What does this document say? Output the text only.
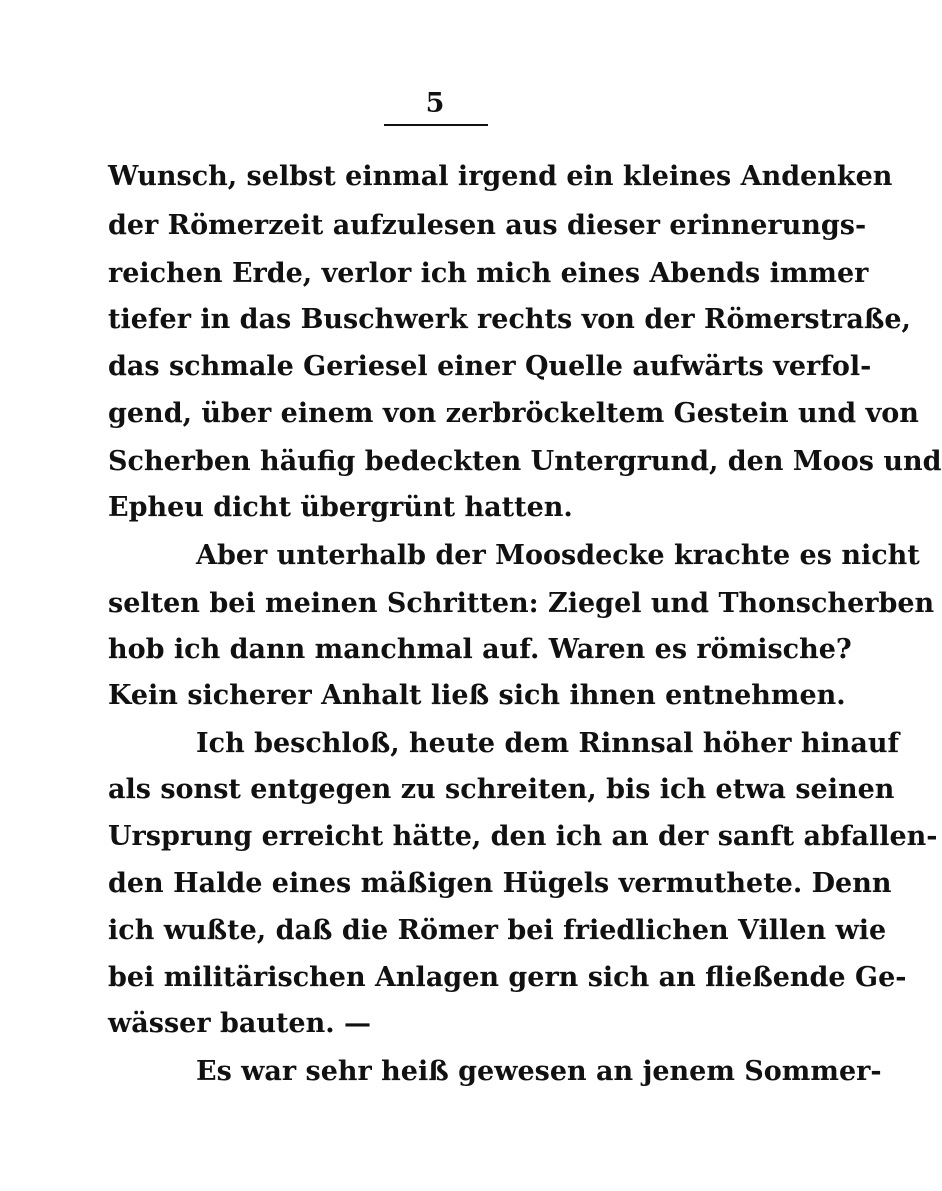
5
Wunsch, selbst einmal irgend ein kleines Andenken
der Römerzeit aufzulesen aus dieser erinnerungs-
reichen Erde, verlor ich mich eines Abends immer
tiefer in das Buschwerk rechts von der Römerstraße,
das schmale Geriesel einer Quelle aufwärts verfol-
gend, über einem von zerbröckeltem Gestein und von
Scherben häufig bedeckten Untergrund, den Moos und
Epheu dicht übergrünt hatten.
Aber unterhalb der Moosdecke krachte es nicht
selten bei meinen Schritten: Ziegel und Thonscherben
hob ich dann manchmal auf. Waren es römische?
Kein sicherer Anhalt ließ sich ihnen entnehmen.
Ich beschloß, heute dem Rinnsal höher hinauf
als sonst entgegen zu schreiten, bis ich etwa seinen
Ursprung erreicht hätte, den ich an der sanft abfallen-
den Halde eines mäßigen Hügels vermuthete. Denn
ich wußte, daß die Römer bei friedlichen Villen wie
bei militärischen Anlagen gern sich an fließende Ge-
wässer bauten. —
Es war sehr heiß gewesen an jenem Sommer-
